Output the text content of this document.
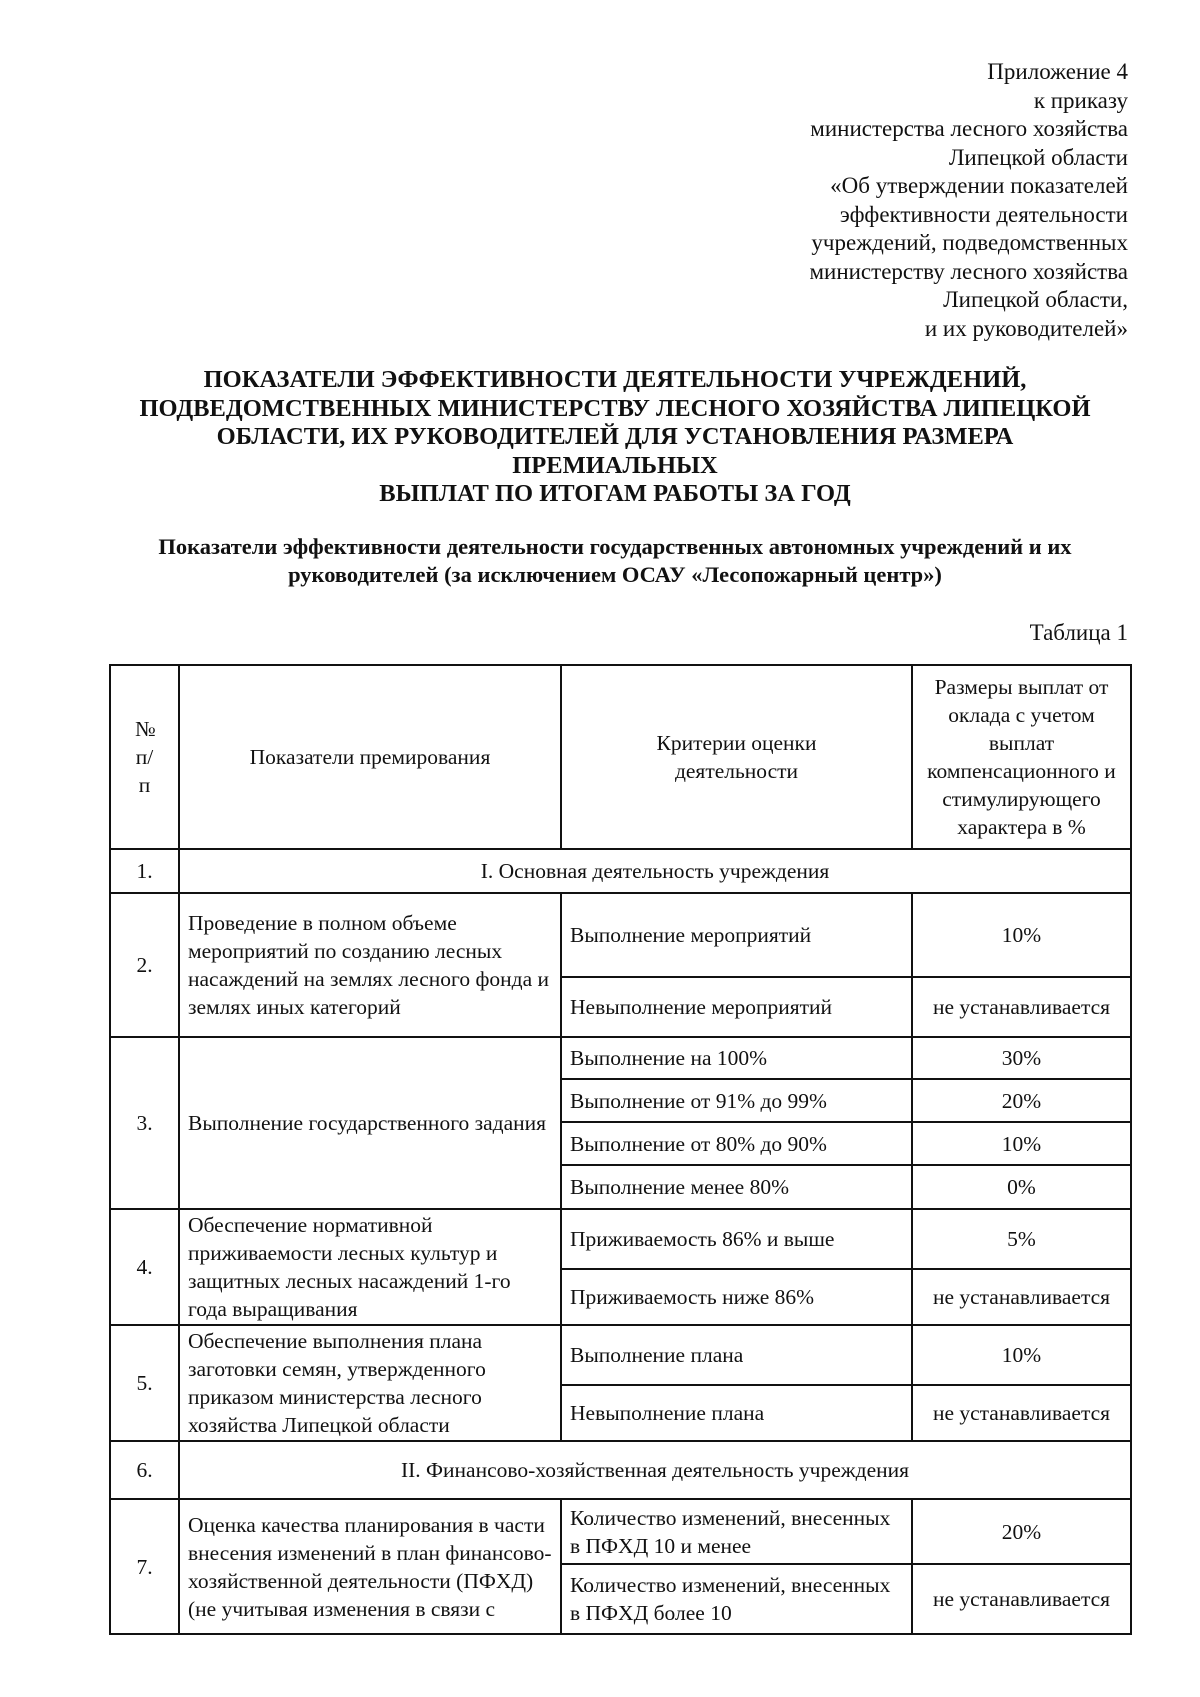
Приложение 4
к приказу
министерства лесного хозяйства
Липецкой области
«Об утверждении показателей
эффективности деятельности
учреждений, подведомственных
министерству лесного хозяйства
Липецкой области,
и их руководителей»
ПОКАЗАТЕЛИ ЭФФЕКТИВНОСТИ ДЕЯТЕЛЬНОСТИ УЧРЕЖДЕНИЙ,
ПОДВЕДОМСТВЕННЫХ МИНИСТЕРСТВУ ЛЕСНОГО ХОЗЯЙСТВА ЛИПЕЦКОЙ
ОБЛАСТИ, ИХ РУКОВОДИТЕЛЕЙ ДЛЯ УСТАНОВЛЕНИЯ РАЗМЕРА
ПРЕМИАЛЬНЫХ
ВЫПЛАТ ПО ИТОГАМ РАБОТЫ ЗА ГОД
Показатели эффективности деятельности государственных автономных учреждений и их
руководителей (за исключением ОСАУ «Лесопожарный центр»)
Таблица 1
№ п/п	Показатели премирования	Критерии оценки деятельности	Размеры выплат от оклада с учетом выплат компенсационного и стимулирующего характера в %
1.	I. Основная деятельность учреждения		
2.	Проведение в полном объеме мероприятий по созданию лесных насаждений на землях лесного фонда и землях иных категорий	Выполнение мероприятий	10%
		Невыполнение мероприятий	не устанавливается
3.	Выполнение государственного задания	Выполнение на 100%	30%
		Выполнение от 91% до 99%	20%
		Выполнение от 80% до 90%	10%
		Выполнение менее 80%	0%
4.	Обеспечение нормативной приживаемости лесных культур и защитных лесных насаждений 1-го года выращивания	Приживаемость 86% и выше	5%
		Приживаемость ниже 86%	не устанавливается
5.	Обеспечение выполнения плана заготовки семян, утвержденного приказом министерства лесного хозяйства Липецкой области	Выполнение плана	10%
		Невыполнение плана	не устанавливается
6.	II. Финансово-хозяйственная деятельность учреждения		
7.	Оценка качества планирования в части внесения изменений в план финансово-хозяйственной деятельности (ПФХД) (не учитывая изменения в связи с	Количество изменений, внесенных в ПФХД 10 и менее	20%
		Количество изменений, внесенных в ПФХД более 10	не устанавливается
